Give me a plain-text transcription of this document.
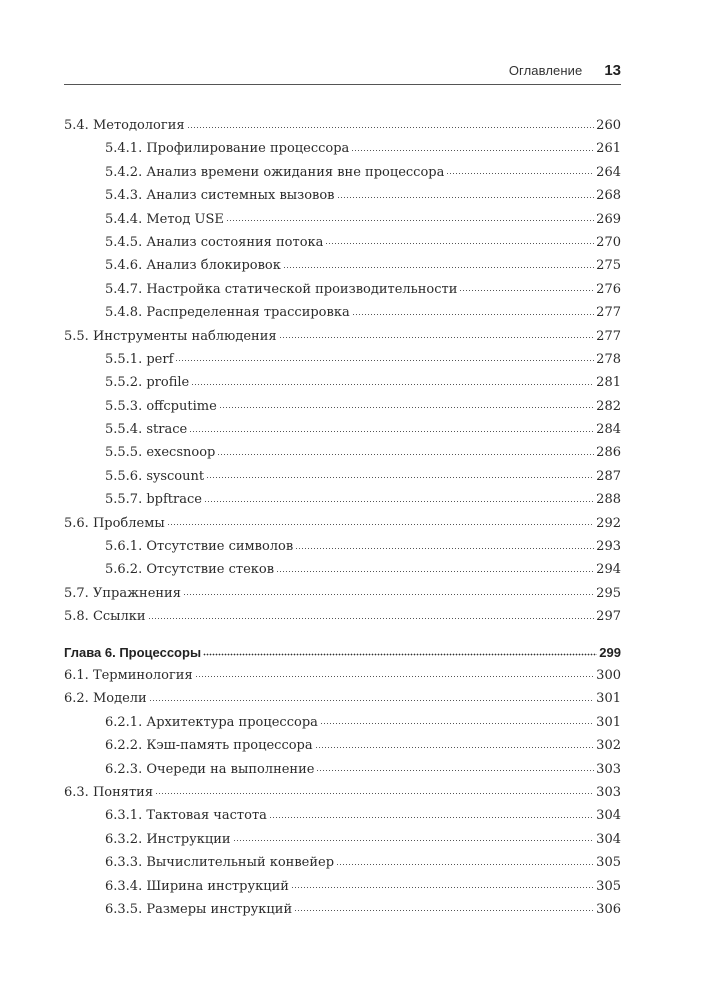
Оглавление 13
5.4. Методология	260
5.4.1. Профилирование процессора	261
5.4.2. Анализ времени ожидания вне процессора	264
5.4.3. Анализ системных вызовов	268
5.4.4. Метод USE	269
5.4.5. Анализ состояния потока	270
5.4.6. Анализ блокировок	275
5.4.7. Настройка статической производительности	276
5.4.8. Распределенная трассировка	277
5.5. Инструменты наблюдения	277
5.5.1. perf	278
5.5.2. profile	281
5.5.3. offcputime	282
5.5.4. strace	284
5.5.5. execsnoop	286
5.5.6. syscount	287
5.5.7. bpftrace	288
5.6. Проблемы	292
5.6.1. Отсутствие символов	293
5.6.2. Отсутствие стеков	294
5.7. Упражнения	295
5.8. Ссылки	297
Глава 6. Процессоры	299
6.1. Терминология	300
6.2. Модели	301
6.2.1. Архитектура процессора	301
6.2.2. Кэш-память процессора	302
6.2.3. Очереди на выполнение	303
6.3. Понятия	303
6.3.1. Тактовая частота	304
6.3.2. Инструкции	304
6.3.3. Вычислительный конвейер	305
6.3.4. Ширина инструкций	305
6.3.5. Размеры инструкций	306
